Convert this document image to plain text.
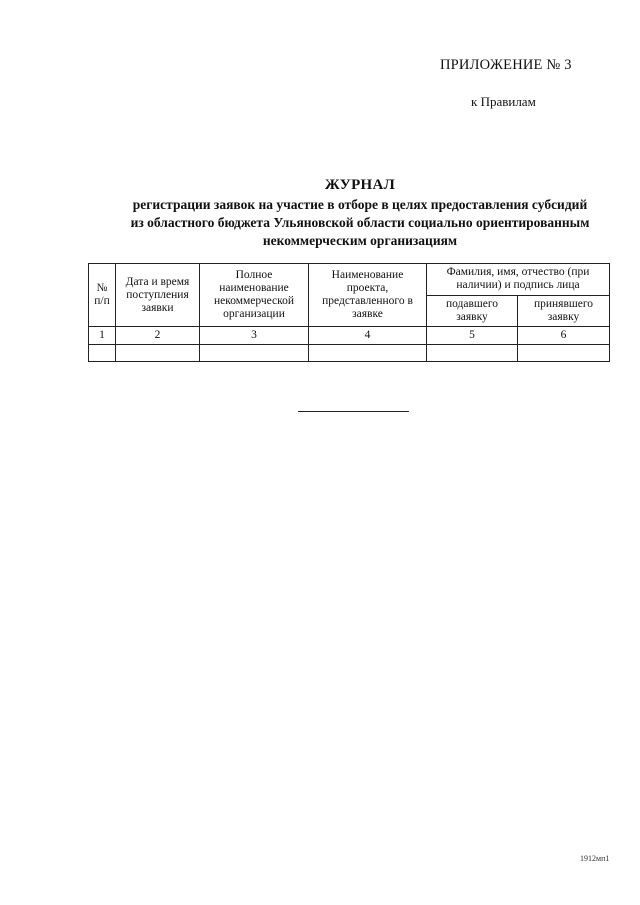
ПРИЛОЖЕНИЕ № 3
к Правилам
ЖУРНАЛ
регистрации заявок на участие в отборе в целях предоставления субсидий
из областного бюджета Ульяновской области социально ориентированным
некоммерческим организациям
№ п/п	Дата и время поступления заявки	Полное наименование некоммерческой организации	Наименование проекта, представленного в заявке	Фамилия, имя, отчество (при наличии) и подпись лица	
				подавшего заявку	принявшего заявку
1	2	3	4	5	6

1912мп1
